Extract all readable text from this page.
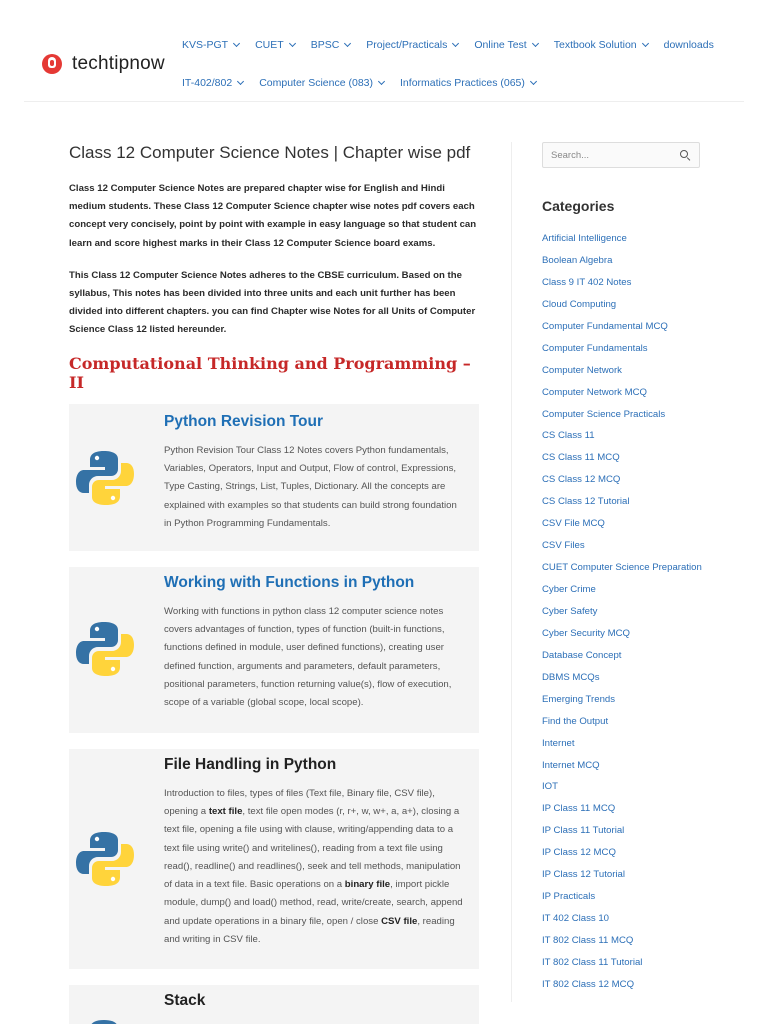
techtipnow
KVS-PGT	CUET	BPSC	Project/Practicals	Online Test	Textbook Solution	downloads
IT-402/802	Computer Science (083)	Informatics Practices (065)
Class 12 Computer Science Notes | Chapter wise pdf

Class 12 Computer Science Notes are prepared chapter wise for English and Hindi medium students. These Class 12 Computer Science chapter wise notes pdf covers each concept very concisely, point by point with example in easy language so that student can learn and score highest marks in their Class 12 Computer Science board exams.

This Class 12 Computer Science Notes adheres to the CBSE curriculum. Based on the syllabus, This notes has been divided into three units and each unit further has been divided into different chapters. you can find Chapter wise Notes for all Units of Computer Science Class 12 listed hereunder.

Computational Thinking and Programming – II
Python Revision Tour

Python Revision Tour Class 12 Notes covers Python fundamentals, Variables, Operators, Input and Output, Flow of control, Expressions, Type Casting, Strings, List, Tuples, Dictionary. All the concepts are explained with examples so that students can build strong foundation in Python Programming Fundamentals.

Working with Functions in Python

Working with functions in python class 12 computer science notes covers advantages of function, types of function (built-in functions, functions defined in module, user defined functions), creating user defined function, arguments and parameters, default parameters, positional parameters, function returning value(s), flow of execution, scope of a variable (global scope, local scope).

File Handling in Python

Introduction to files, types of files (Text file, Binary file, CSV file), opening a text file, text file open modes (r, r+, w, w+, a, a+), closing a text file, opening a file using with clause, writing/appending data to a text file using write() and writelines(), reading from a text file using read(), readline() and readlines(), seek and tell methods, manipulation of data in a text file. Basic operations on a binary file, import pickle module, dump() and load() method, read, write/create, search, append and update operations in a binary file, open / close CSV file, reading and writing in CSV file.

Stack
Search...
Categories
Artificial Intelligence
Boolean Algebra
Class 9 IT 402 Notes
Cloud Computing
Computer Fundamental MCQ
Computer Fundamentals
Computer Network
Computer Network MCQ
Computer Science Practicals
CS Class 11
CS Class 11 MCQ
CS Class 12 MCQ
CS Class 12 Tutorial
CSV File MCQ
CSV Files
CUET Computer Science Preparation
Cyber Crime
Cyber Safety
Cyber Security MCQ
Database Concept
DBMS MCQs
Emerging Trends
Find the Output
Internet
Internet MCQ
IOT
IP Class 11 MCQ
IP Class 11 Tutorial
IP Class 12 MCQ
IP Class 12 Tutorial
IP Practicals
IT 402 Class 10
IT 802 Class 11 MCQ
IT 802 Class 11 Tutorial
IT 802 Class 12 MCQ
